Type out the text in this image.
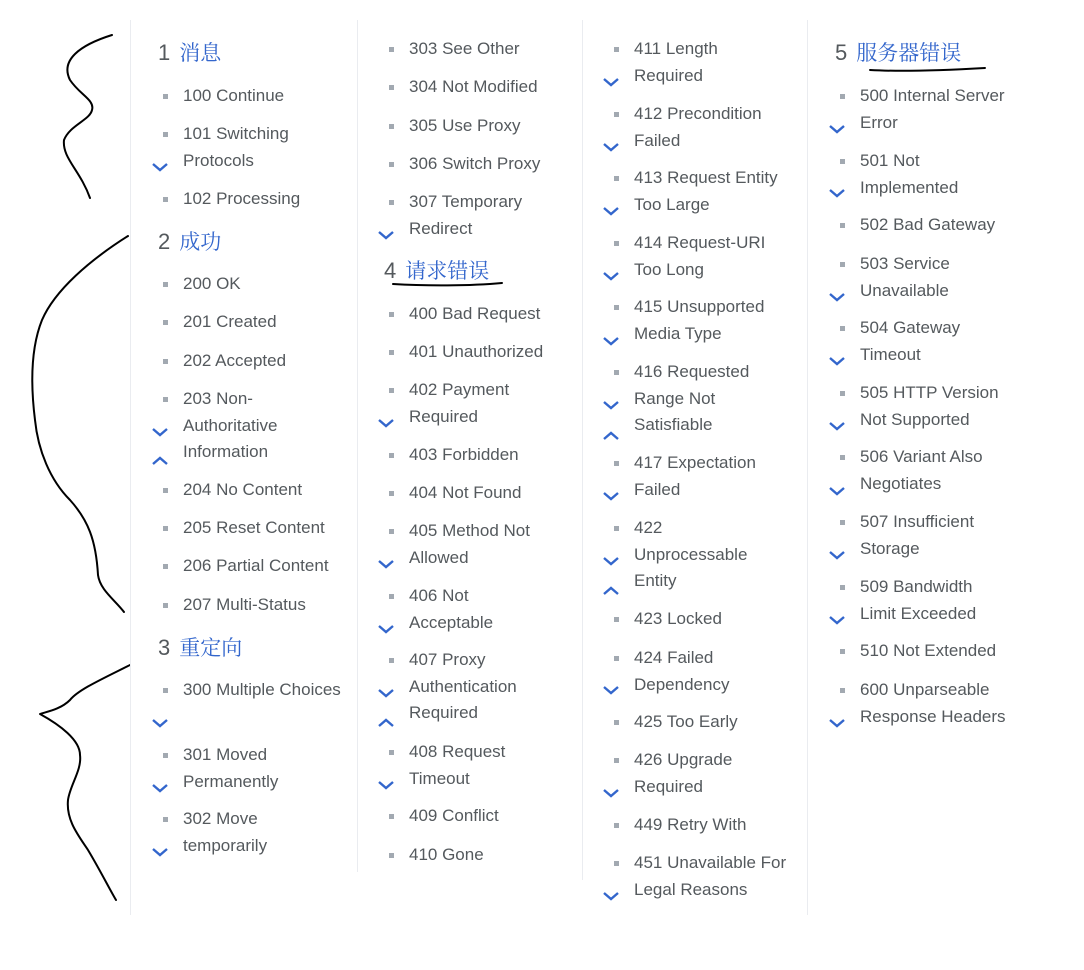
1 消息
100 Continue
101 Switching Protocols
102 Processing
2 成功
200 OK
201 Created
202 Accepted
203 Non-Authoritative Information
204 No Content
205 Reset Content
206 Partial Content
207 Multi-Status
3 重定向
300 Multiple Choices
301 Moved Permanently
302 Move temporarily
303 See Other
304 Not Modified
305 Use Proxy
306 Switch Proxy
307 Temporary Redirect
4 请求错误
400 Bad Request
401 Unauthorized
402 Payment Required
403 Forbidden
404 Not Found
405 Method Not Allowed
406 Not Acceptable
407 Proxy Authentication Required
408 Request Timeout
409 Conflict
410 Gone
411 Length Required
412 Precondition Failed
413 Request Entity Too Large
414 Request-URI Too Long
415 Unsupported Media Type
416 Requested Range Not Satisfiable
417 Expectation Failed
422 Unprocessable Entity
423 Locked
424 Failed Dependency
425 Too Early
426 Upgrade Required
449 Retry With
451 Unavailable For Legal Reasons
5 服务器错误
500 Internal Server Error
501 Not Implemented
502 Bad Gateway
503 Service Unavailable
504 Gateway Timeout
505 HTTP Version Not Supported
506 Variant Also Negotiates
507 Insufficient Storage
509 Bandwidth Limit Exceeded
510 Not Extended
600 Unparseable Response Headers
